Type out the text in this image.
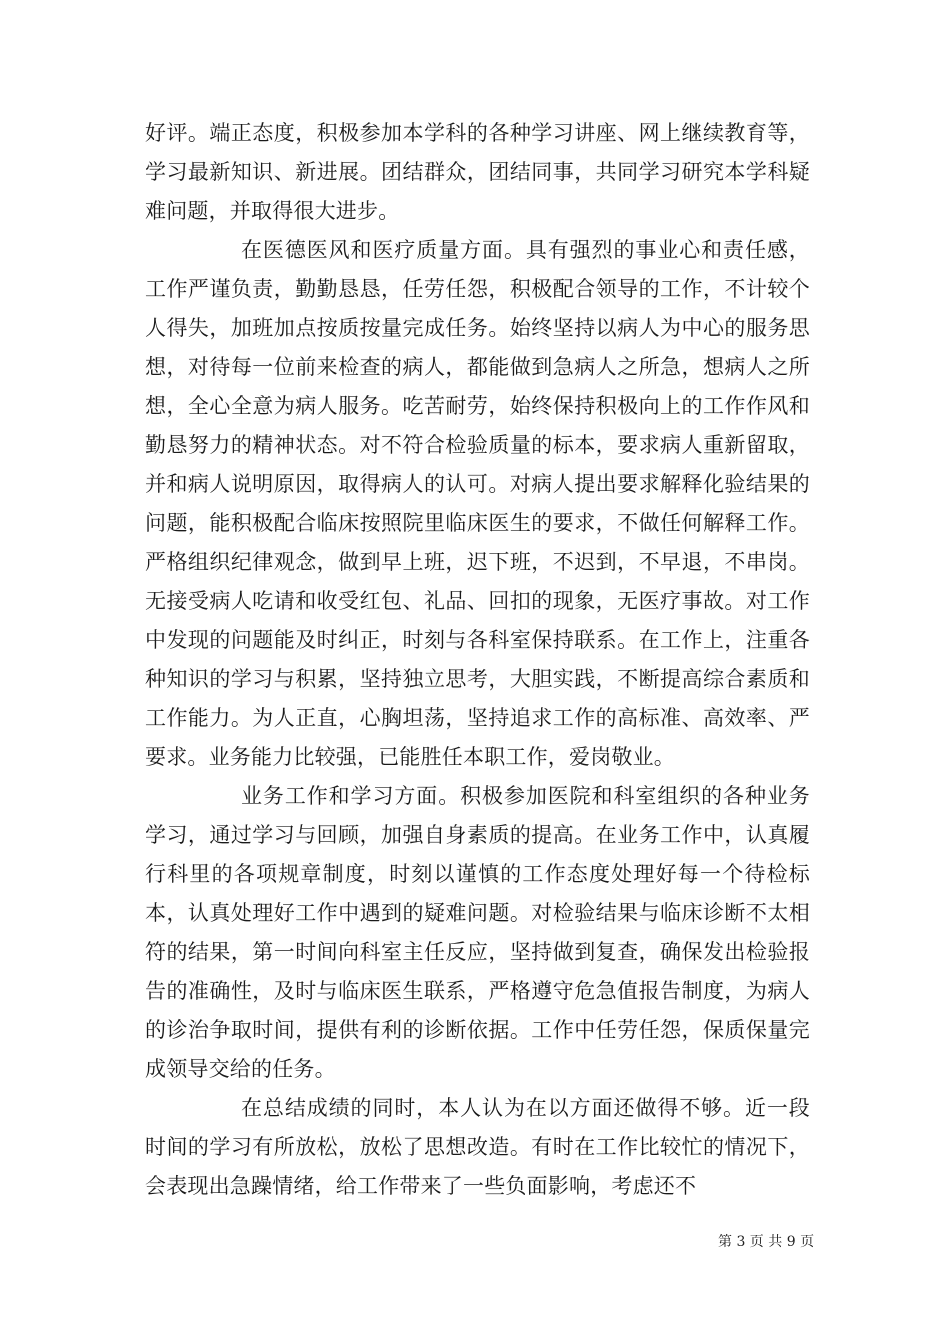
好评。端正态度，积极参加本学科的各种学习讲座、网上继续教育等，学习最新知识、新进展。团结群众，团结同事，共同学习研究本学科疑难问题，并取得很大进步。

在医德医风和医疗质量方面。具有强烈的事业心和责任感，工作严谨负责，勤勤恳恳，任劳任怨，积极配合领导的工作，不计较个人得失，加班加点按质按量完成任务。始终坚持以病人为中心的服务思想，对待每一位前来检查的病人，都能做到急病人之所急，想病人之所想，全心全意为病人服务。吃苦耐劳，始终保持积极向上的工作作风和勤恳努力的精神状态。对不符合检验质量的标本，要求病人重新留取，并和病人说明原因，取得病人的认可。对病人提出要求解释化验结果的问题，能积极配合临床按照院里临床医生的要求，不做任何解释工作。严格组织纪律观念，做到早上班，迟下班，不迟到，不早退，不串岗。无接受病人吃请和收受红包、礼品、回扣的现象，无医疗事故。对工作中发现的问题能及时纠正，时刻与各科室保持联系。在工作上，注重各种知识的学习与积累，坚持独立思考，大胆实践，不断提高综合素质和工作能力。为人正直，心胸坦荡，坚持追求工作的高标准、高效率、严要求。业务能力比较强，已能胜任本职工作，爱岗敬业。

业务工作和学习方面。积极参加医院和科室组织的各种业务学习，通过学习与回顾，加强自身素质的提高。在业务工作中，认真履行科里的各项规章制度，时刻以谨慎的工作态度处理好每一个待检标本，认真处理好工作中遇到的疑难问题。对检验结果与临床诊断不太相符的结果，第一时间向科室主任反应，坚持做到复查，确保发出检验报告的准确性，及时与临床医生联系，严格遵守危急值报告制度，为病人的诊治争取时间，提供有利的诊断依据。工作中任劳任怨，保质保量完成领导交给的任务。

在总结成绩的同时，本人认为在以方面还做得不够。近一段时间的学习有所放松，放松了思想改造。有时在工作比较忙的情况下，会表现出急躁情绪，给工作带来了一些负面影响，考虑还不

第 3 页 共 9 页
